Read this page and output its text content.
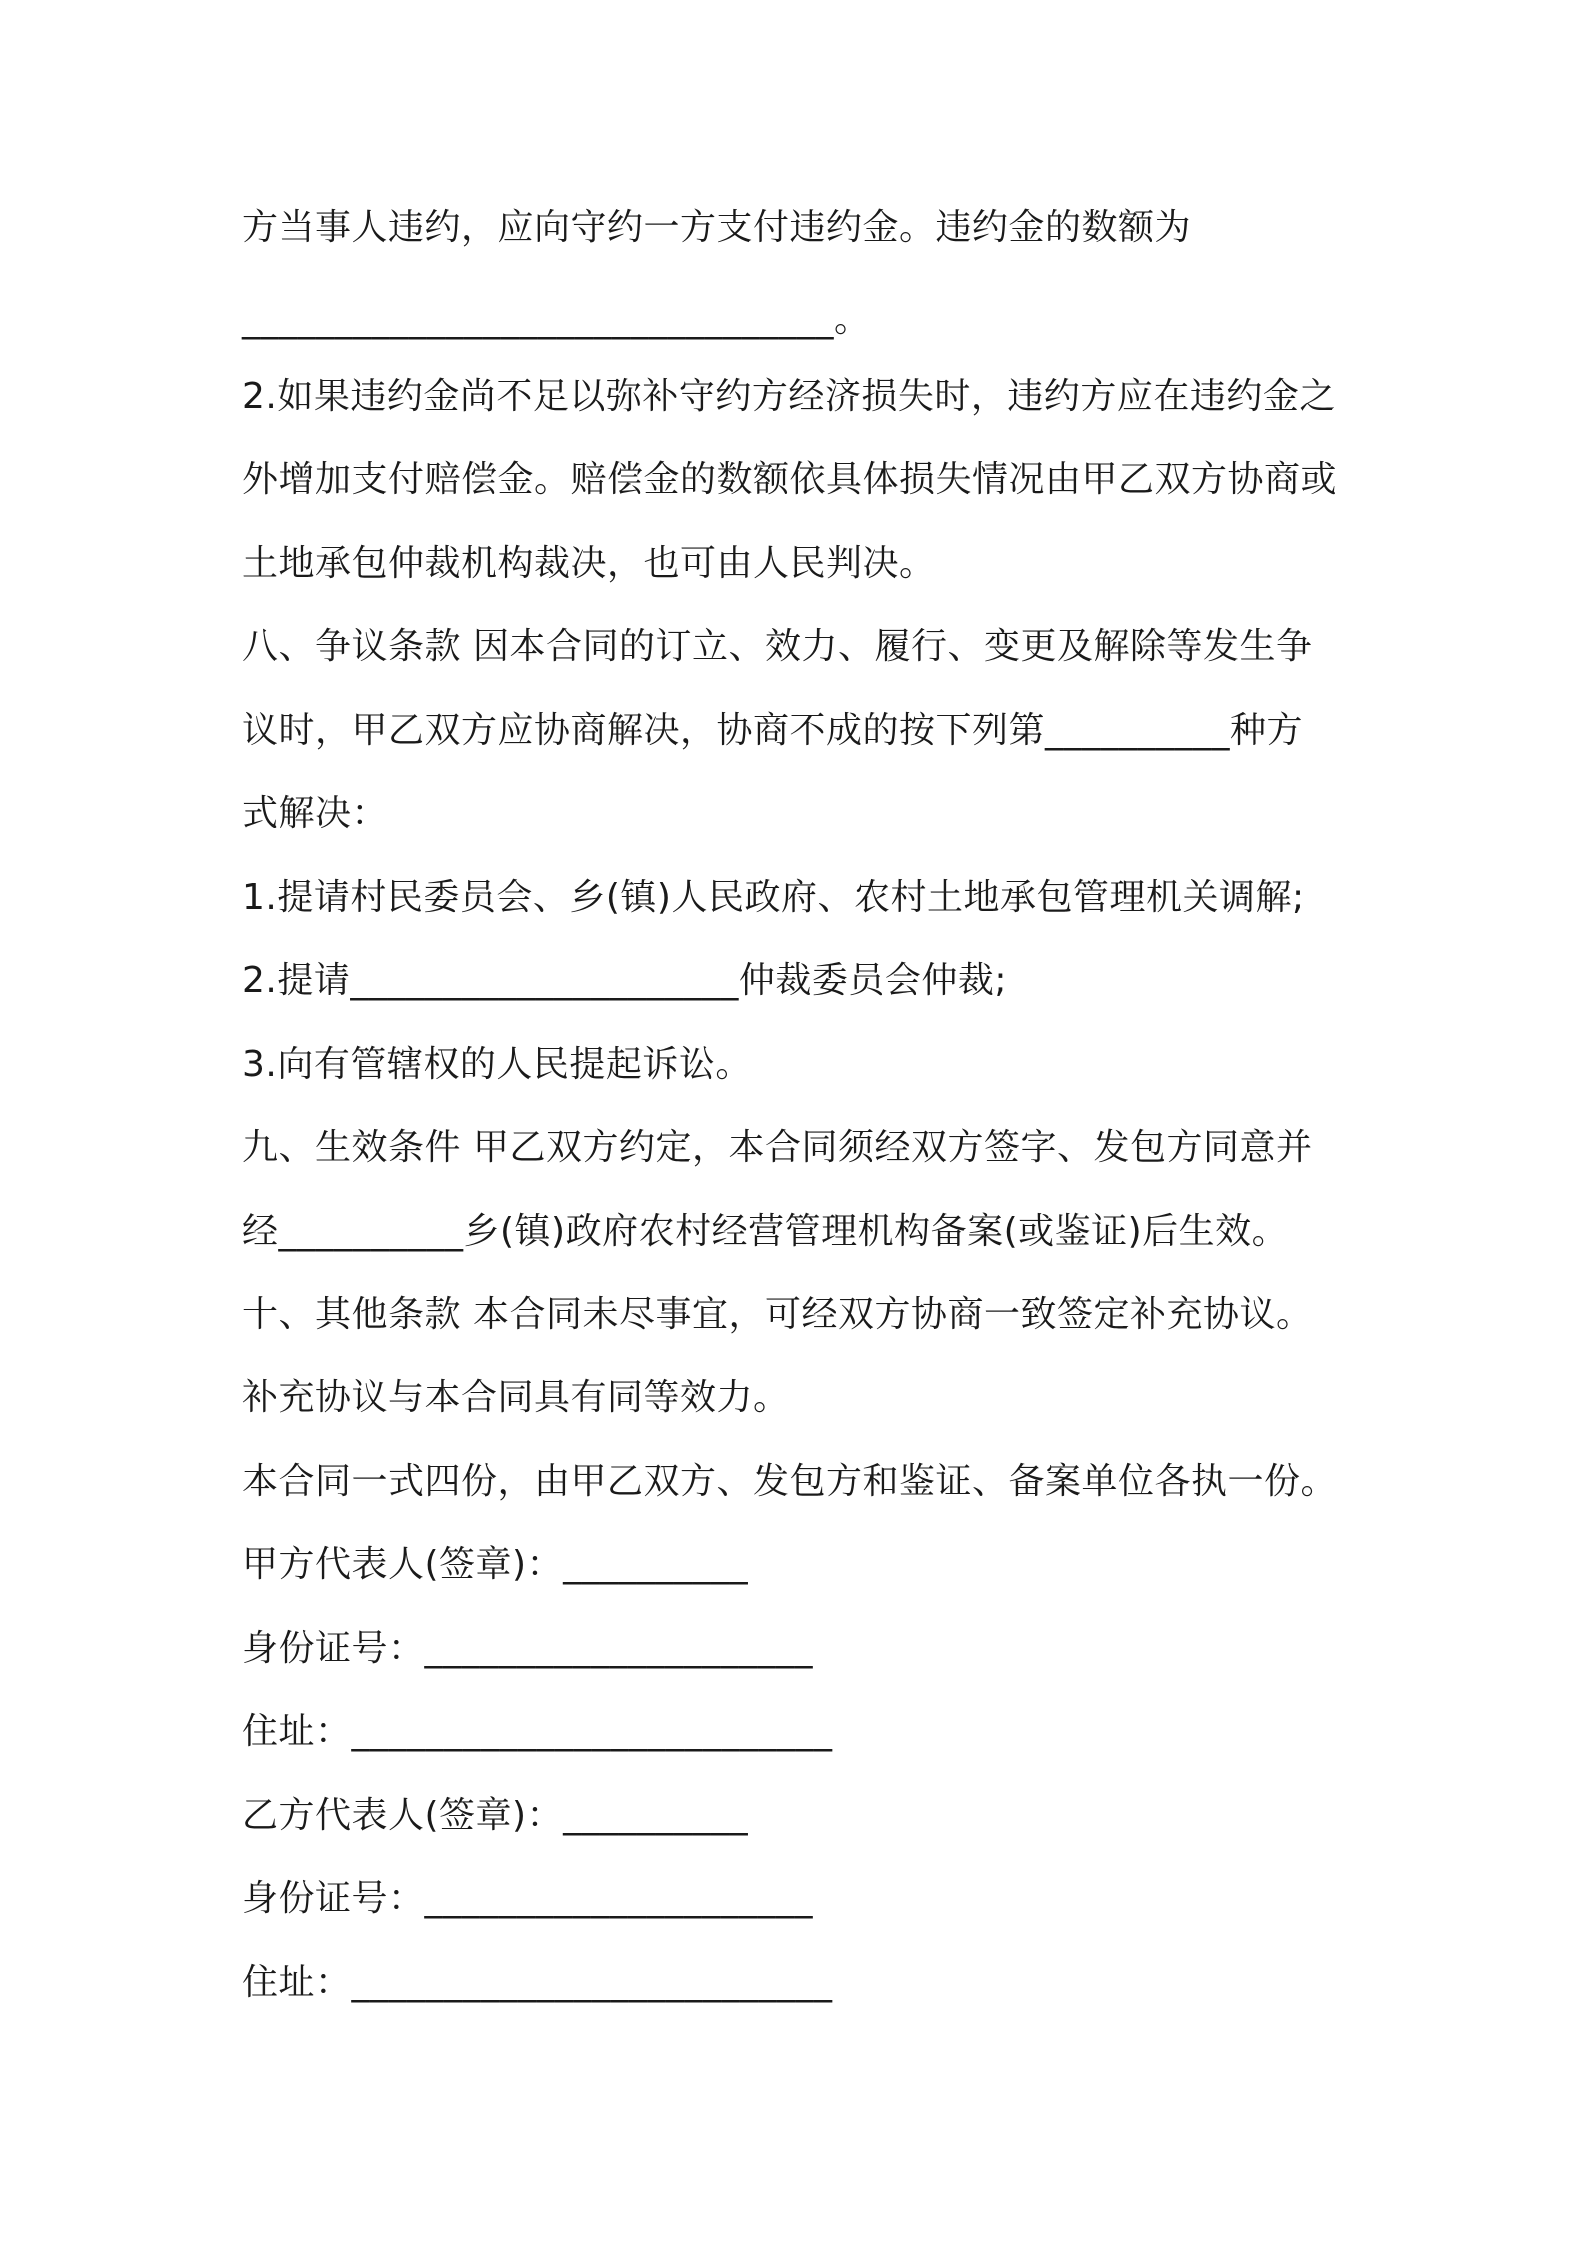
方当事人违约，应向守约一方支付违约金。违约金的数额为
________________________________。
2.如果违约金尚不足以弥补守约方经济损失时，违约方应在违约金之
外增加支付赔偿金。赔偿金的数额依具体损失情况由甲乙双方协商或
土地承包仲裁机构裁决，也可由人民判决。
八、争议条款 因本合同的订立、效力、履行、变更及解除等发生争
议时，甲乙双方应协商解决，协商不成的按下列第__________种方
式解决：
1.提请村民委员会、乡(镇)人民政府、农村土地承包管理机关调解;
2.提请_____________________仲裁委员会仲裁;
3.向有管辖权的人民提起诉讼。
九、生效条件 甲乙双方约定，本合同须经双方签字、发包方同意并
经__________乡(镇)政府农村经营管理机构备案(或鉴证)后生效。
十、其他条款 本合同未尽事宜，可经双方协商一致签定补充协议。
补充协议与本合同具有同等效力。
本合同一式四份，由甲乙双方、发包方和鉴证、备案单位各执一份。
甲方代表人(签章)：__________
身份证号：_____________________
住址：__________________________
乙方代表人(签章)：__________
身份证号：_____________________
住址：__________________________
